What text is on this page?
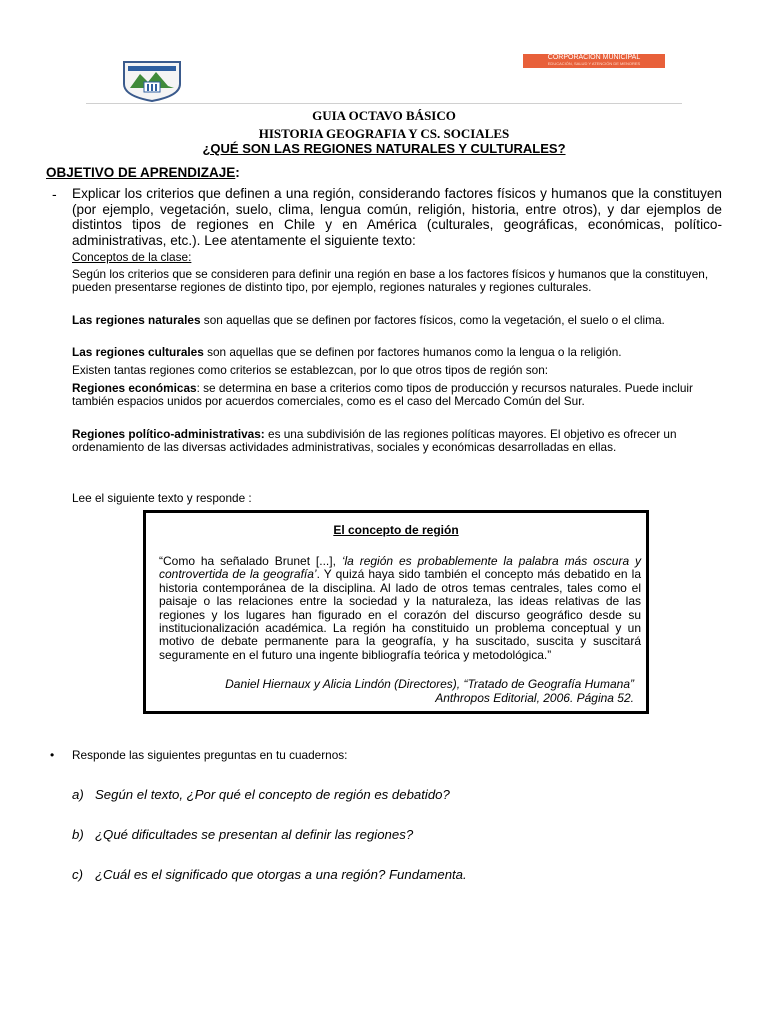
CORPORACIÓN MUNICIPAL
EDUCACIÓN, SALUD Y ATENCIÓN DE MENORES
GUIA OCTAVO BÁSICO
HISTORIA GEOGRAFIA Y CS. SOCIALES
¿QUÉ SON LAS REGIONES NATURALES Y CULTURALES?
OBJETIVO DE APRENDIZAJE:
- Explicar los criterios que definen a una región, considerando factores físicos y humanos que la constituyen (por ejemplo, vegetación, suelo, clima, lengua común, religión, historia, entre otros), y dar ejemplos de distintos tipos de regiones en Chile y en América (culturales, geográficas, económicas, político-administrativas, etc.). Lee atentamente el siguiente texto:
Conceptos de la clase:
Según los criterios que se consideren para definir una región en base a los factores físicos y humanos que la constituyen, pueden presentarse regiones de distinto tipo, por ejemplo, regiones naturales y regiones culturales.
Las regiones naturales son aquellas que se definen por factores físicos, como la vegetación, el suelo o el clima.
Las regiones culturales son aquellas que se definen por factores humanos como la lengua o la religión.
Existen tantas regiones como criterios se establezcan, por lo que otros tipos de región son:
Regiones económicas: se determina en base a criterios como tipos de producción y recursos naturales. Puede incluir también espacios unidos por acuerdos comerciales, como es el caso del Mercado Común del Sur.
Regiones político-administrativas: es una subdivisión de las regiones políticas mayores. El objetivo es ofrecer un ordenamiento de las diversas actividades administrativas, sociales y económicas desarrolladas en ellas.
Lee el siguiente texto y responde :
El concepto de región
“Como ha señalado Brunet [...], ‘la región es probablemente la palabra más oscura y controvertida de la geografía’. Y quizá haya sido también el concepto más debatido en la historia contemporánea de la disciplina. Al lado de otros temas centrales, tales como el paisaje o las relaciones entre la sociedad y la naturaleza, las ideas relativas de las regiones y los lugares han figurado en el corazón del discurso geográfico desde su institucionalización académica. La región ha constituido un problema conceptual y un motivo de debate permanente para la geografía, y ha suscitado, suscita y suscitará seguramente en el futuro una ingente bibliografía teórica y metodológica.”
Daniel Hiernaux y Alicia Lindón (Directores), “Tratado de Geografía Humana”
Anthropos Editorial, 2006. Página 52.
• Responde las siguientes preguntas en tu cuadernos:
a) Según el texto, ¿Por qué el concepto de región es debatido?
b) ¿Qué dificultades se presentan al definir las regiones?
c) ¿Cuál es el significado que otorgas a una región? Fundamenta.
